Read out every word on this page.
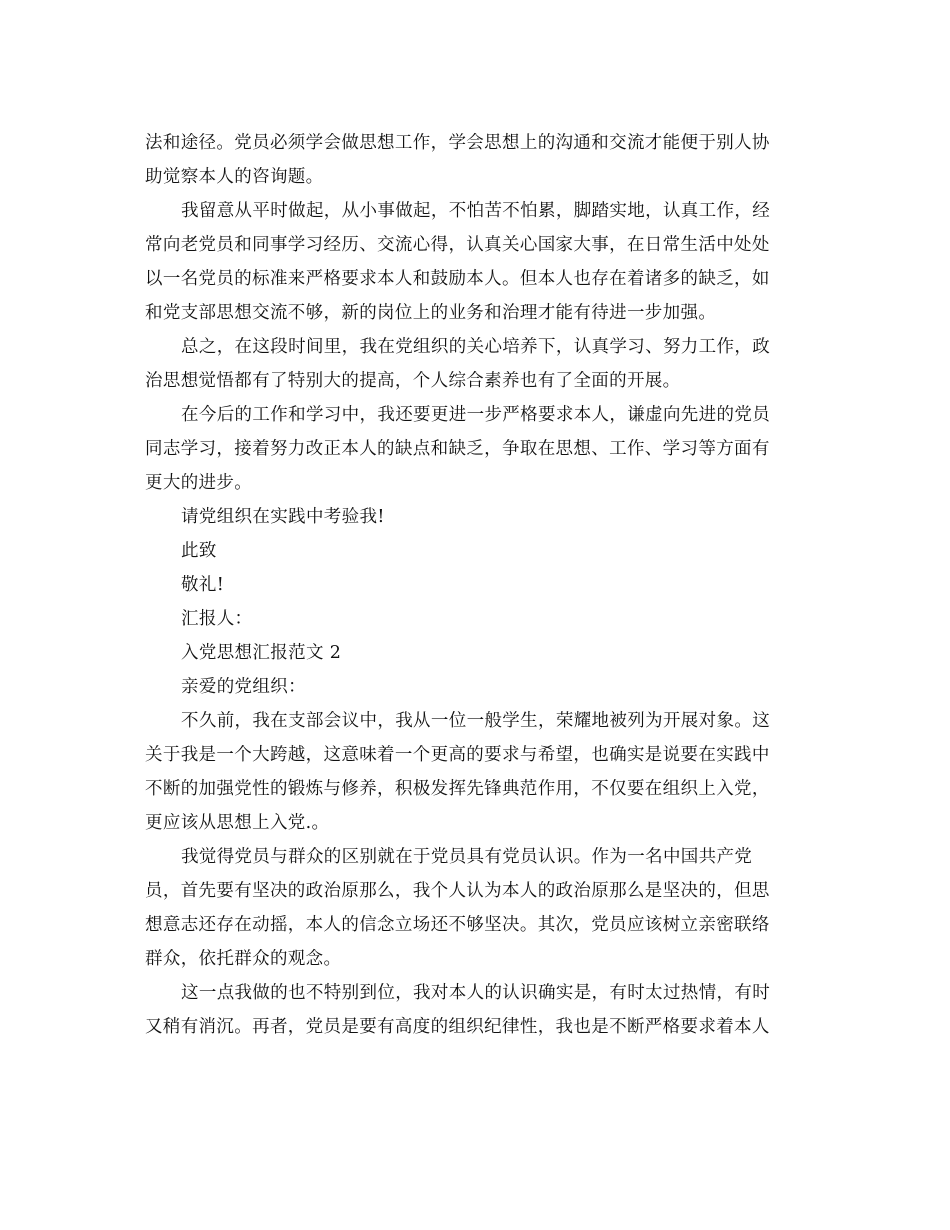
法和途径。党员必须学会做思想工作，学会思想上的沟通和交流才能便于别人协
助觉察本人的咨询题。
我留意从平时做起，从小事做起，不怕苦不怕累，脚踏实地，认真工作，经
常向老党员和同事学习经历、交流心得，认真关心国家大事，在日常生活中处处
以一名党员的标准来严格要求本人和鼓励本人。但本人也存在着诸多的缺乏，如
和党支部思想交流不够，新的岗位上的业务和治理才能有待进一步加强。
总之，在这段时间里，我在党组织的关心培养下，认真学习、努力工作，政
治思想觉悟都有了特别大的提高，个人综合素养也有了全面的开展。
在今后的工作和学习中，我还要更进一步严格要求本人，谦虚向先进的党员
同志学习，接着努力改正本人的缺点和缺乏，争取在思想、工作、学习等方面有
更大的进步。
请党组织在实践中考验我!
此致
敬礼!
汇报人：
入党思想汇报范文 2
亲爱的党组织：
不久前，我在支部会议中，我从一位一般学生，荣耀地被列为开展对象。这
关于我是一个大跨越，这意味着一个更高的要求与希望，也确实是说要在实践中
不断的加强党性的锻炼与修养，积极发挥先锋典范作用，不仅要在组织上入党，
更应该从思想上入党.。
我觉得党员与群众的区别就在于党员具有党员认识。作为一名中国共产党
员，首先要有坚决的政治原那么，我个人认为本人的政治原那么是坚决的，但思
想意志还存在动摇，本人的信念立场还不够坚决。其次，党员应该树立亲密联络
群众，依托群众的观念。
这一点我做的也不特别到位，我对本人的认识确实是，有时太过热情，有时
又稍有消沉。再者，党员是要有高度的组织纪律性，我也是不断严格要求着本人
